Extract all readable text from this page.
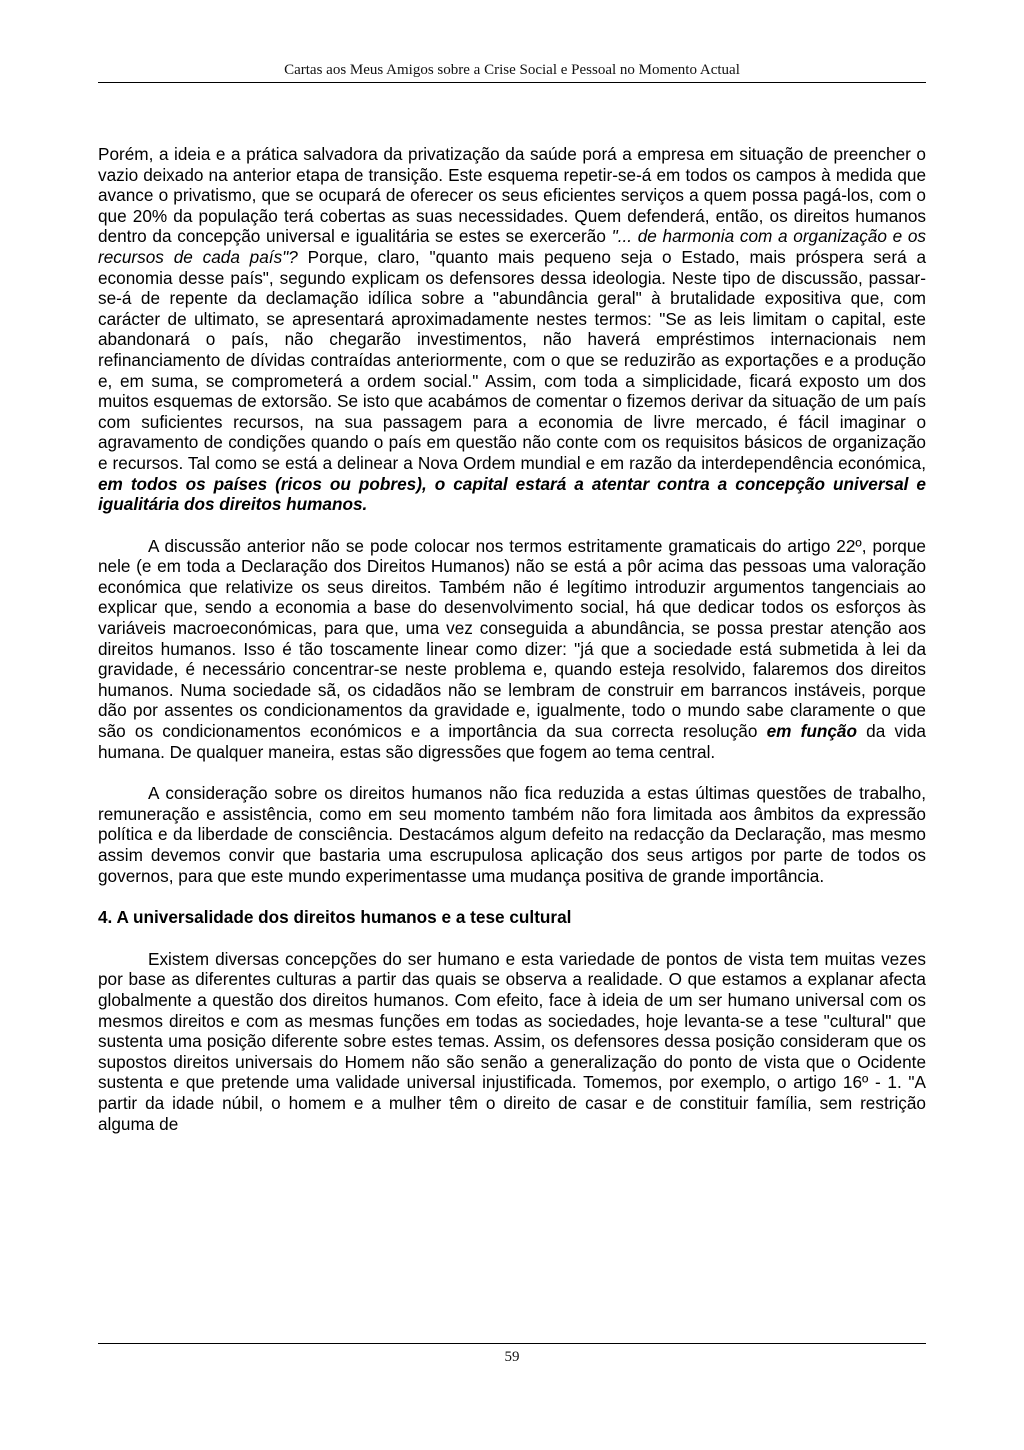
Cartas aos Meus Amigos sobre a Crise Social e Pessoal no Momento Actual

Porém, a ideia e a prática salvadora da privatização da saúde porá a empresa em situação de preencher o vazio deixado na anterior etapa de transição. Este esquema repetir-se-á em todos os campos à medida que avance o privatismo, que se ocupará de oferecer os seus eficientes serviços a quem possa pagá-los, com o que 20% da população terá cobertas as suas necessidades. Quem defenderá, então, os direitos humanos dentro da concepção universal e igualitária se estes se exercerão "... de harmonia com a organização e os recursos de cada país"? Porque, claro, "quanto mais pequeno seja o Estado, mais próspera será a economia desse país", segundo explicam os defensores dessa ideologia. Neste tipo de discussão, passar-se-á de repente da declamação idílica sobre a "abundância geral" à brutalidade expositiva que, com carácter de ultimato, se apresentará aproximadamente nestes termos: "Se as leis limitam o capital, este abandonará o país, não chegarão investimentos, não haverá empréstimos internacionais nem refinanciamento de dívidas contraídas anteriormente, com o que se reduzirão as exportações e a produção e, em suma, se comprometerá a ordem social." Assim, com toda a simplicidade, ficará exposto um dos muitos esquemas de extorsão. Se isto que acabámos de comentar o fizemos derivar da situação de um país com suficientes recursos, na sua passagem para a economia de livre mercado, é fácil imaginar o agravamento de condições quando o país em questão não conte com os requisitos básicos de organização e recursos. Tal como se está a delinear a Nova Ordem mundial e em razão da interdependência económica, em todos os países (ricos ou pobres), o capital estará a atentar contra a concepção universal e igualitária dos direitos humanos.

A discussão anterior não se pode colocar nos termos estritamente gramaticais do artigo 22º, porque nele (e em toda a Declaração dos Direitos Humanos) não se está a pôr acima das pessoas uma valoração económica que relativize os seus direitos. Também não é legítimo introduzir argumentos tangenciais ao explicar que, sendo a economia a base do desenvolvimento social, há que dedicar todos os esforços às variáveis macroeconómicas, para que, uma vez conseguida a abundância, se possa prestar atenção aos direitos humanos. Isso é tão toscamente linear como dizer: "já que a sociedade está submetida à lei da gravidade, é necessário concentrar-se neste problema e, quando esteja resolvido, falaremos dos direitos humanos. Numa sociedade sã, os cidadãos não se lembram de construir em barrancos instáveis, porque dão por assentes os condicionamentos da gravidade e, igualmente, todo o mundo sabe claramente o que são os condicionamentos económicos e a importância da sua correcta resolução em função da vida humana. De qualquer maneira, estas são digressões que fogem ao tema central.

A consideração sobre os direitos humanos não fica reduzida a estas últimas questões de trabalho, remuneração e assistência, como em seu momento também não fora limitada aos âmbitos da expressão política e da liberdade de consciência. Destacámos algum defeito na redacção da Declaração, mas mesmo assim devemos convir que bastaria uma escrupulosa aplicação dos seus artigos por parte de todos os governos, para que este mundo experimentasse uma mudança positiva de grande importância.

4. A universalidade dos direitos humanos e a tese cultural

Existem diversas concepções do ser humano e esta variedade de pontos de vista tem muitas vezes por base as diferentes culturas a partir das quais se observa a realidade. O que estamos a explanar afecta globalmente a questão dos direitos humanos. Com efeito, face à ideia de um ser humano universal com os mesmos direitos e com as mesmas funções em todas as sociedades, hoje levanta-se a tese "cultural" que sustenta uma posição diferente sobre estes temas. Assim, os defensores dessa posição consideram que os supostos direitos universais do Homem não são senão a generalização do ponto de vista que o Ocidente sustenta e que pretende uma validade universal injustificada. Tomemos, por exemplo, o artigo 16º - 1. "A partir da idade núbil, o homem e a mulher têm o direito de casar e de constituir família, sem restrição alguma de

59
